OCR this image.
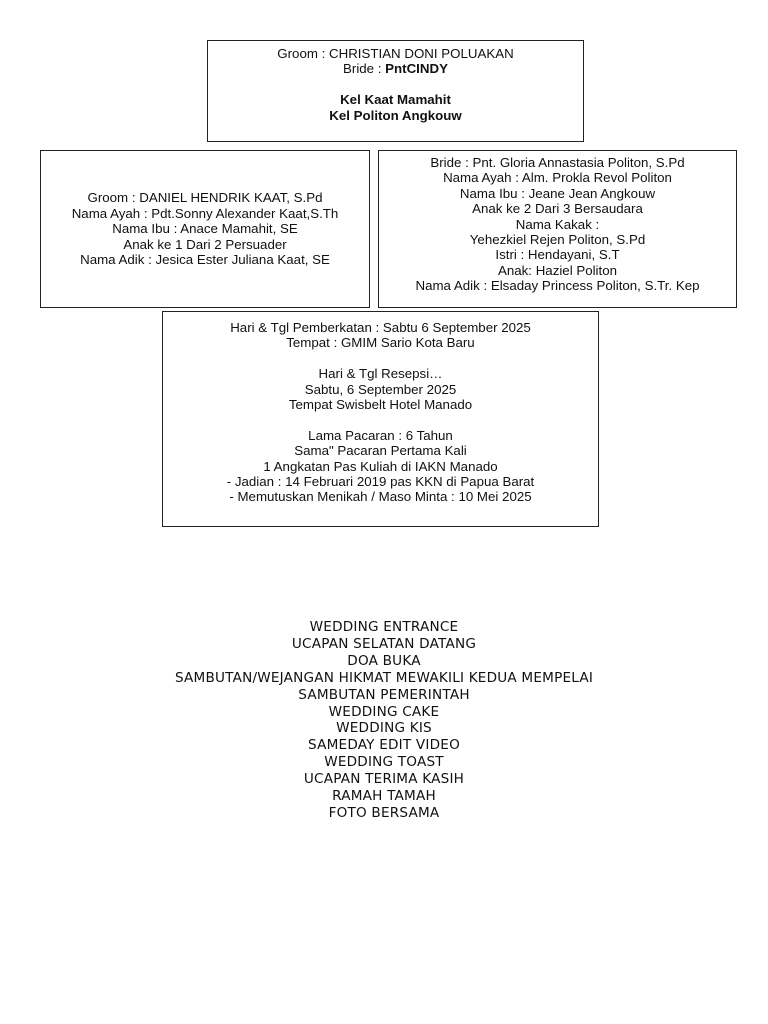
Groom : CHRISTIAN DONI POLUAKAN
Bride : PntCINDY
Kel Kaat Mamahit
Kel Politon Angkouw
Groom : DANIEL HENDRIK KAAT, S.Pd
Nama Ayah : Pdt.Sonny Alexander Kaat,S.Th
Nama Ibu : Anace Mamahit, SE
Anak ke 1 Dari 2 Persuader
Nama Adik : Jesica Ester Juliana Kaat, SE
Bride : Pnt. Gloria Annastasia Politon, S.Pd
Nama Ayah : Alm. Prokla Revol Politon
Nama Ibu : Jeane Jean Angkouw
Anak ke 2 Dari 3 Bersaudara
Nama Kakak :
Yehezkiel Rejen Politon, S.Pd
Istri : Hendayani, S.T
Anak: Haziel Politon
Nama Adik : Elsaday Princess Politon, S.Tr. Kep
Hari & Tgl Pemberkatan : Sabtu 6 September 2025
Tempat : GMIM Sario Kota Baru
Hari & Tgl Resepsi…
Sabtu, 6 September 2025
Tempat Swisbelt Hotel Manado
Lama Pacaran : 6 Tahun
Sama" Pacaran Pertama Kali
1 Angkatan Pas Kuliah di IAKN Manado
- Jadian : 14 Februari 2019 pas KKN di Papua Barat
- Memutuskan Menikah / Maso Minta : 10 Mei 2025
WEDDING ENTRANCE
UCAPAN SELATAN DATANG
DOA BUKA
SAMBUTAN/WEJANGAN HIKMAT MEWAKILI KEDUA MEMPELAI
SAMBUTAN PEMERINTAH
WEDDING CAKE
WEDDING KIS
SAMEDAY EDIT VIDEO
WEDDING TOAST
UCAPAN TERIMA KASIH
RAMAH TAMAH
FOTO BERSAMA
